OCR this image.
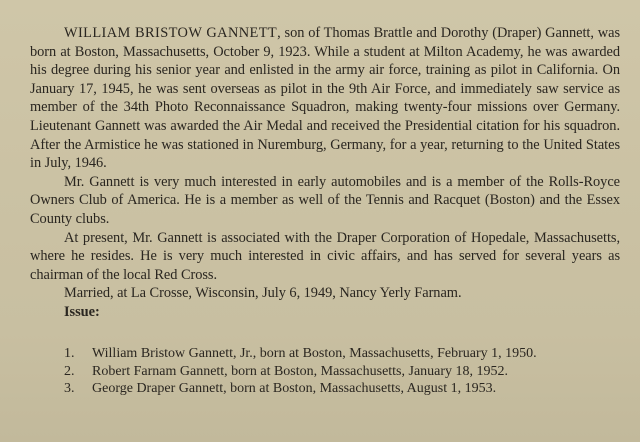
WILLIAM BRISTOW GANNETT, son of Thomas Brattle and Dorothy (Draper) Gannett, was born at Boston, Massachusetts, October 9, 1923. While a student at Milton Academy, he was awarded his degree during his senior year and enlisted in the army air force, training as pilot in California. On January 17, 1945, he was sent overseas as pilot in the 9th Air Force, and immediately saw service as member of the 34th Photo Reconnaissance Squadron, making twenty-four missions over Germany. Lieutenant Gannett was awarded the Air Medal and received the Presidential citation for his squadron. After the Armistice he was stationed in Nuremburg, Germany, for a year, returning to the United States in July, 1946.

Mr. Gannett is very much interested in early automobiles and is a member of the Rolls-Royce Owners Club of America. He is a member as well of the Tennis and Racquet (Boston) and the Essex County clubs.

At present, Mr. Gannett is associated with the Draper Corporation of Hopedale, Massachusetts, where he resides. He is very much interested in civic affairs, and has served for several years as chairman of the local Red Cross.

Married, at La Crosse, Wisconsin, July 6, 1949, Nancy Yerly Farnam.

Issue:

1. William Bristow Gannett, Jr., born at Boston, Massachusetts, February 1, 1950.
2. Robert Farnam Gannett, born at Boston, Massachusetts, January 18, 1952.
3. George Draper Gannett, born at Boston, Massachusetts, August 1, 1953.
